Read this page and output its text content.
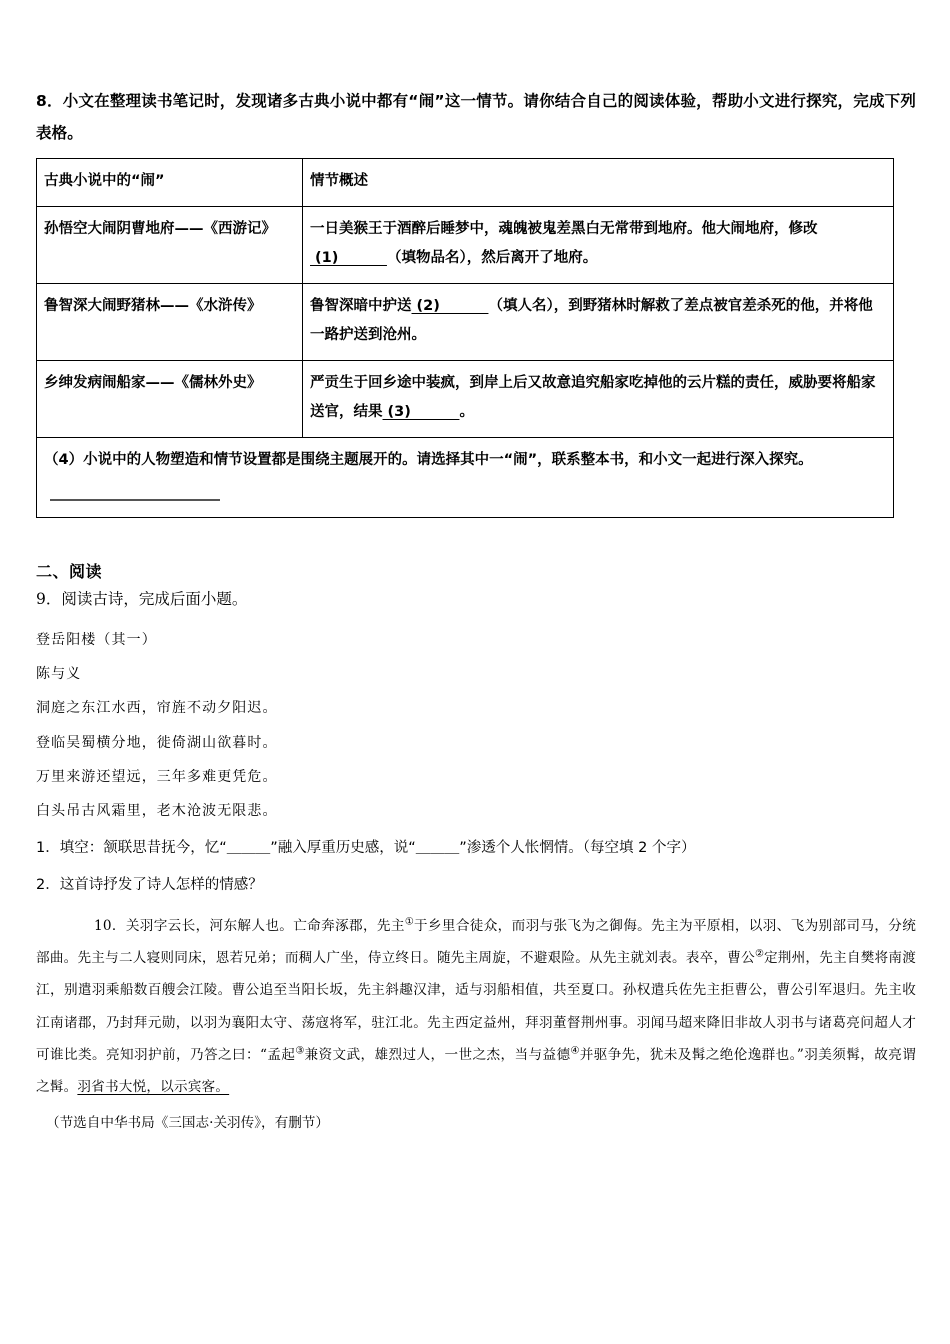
8．小文在整理读书笔记时，发现诸多古典小说中都有“闹”这一情节。请你结合自己的阅读体验，帮助小文进行探究，完成下列表格。

古典小说中的“闹”	情节概述
孙悟空大闹阴曹地府——《西游记》	一日美猴王于酒醉后睡梦中，魂魄被鬼差黑白无常带到地府。他大闹地府，修改 (1)　　　 （填物品名），然后离开了地府。
鲁智深大闹野猪林——《水浒传》	鲁智深暗中护送 (2)　　　 （填人名），到野猪林时解救了差点被官差杀死的他，并将他一路护送到沧州。
乡绅发病闹船家——《儒林外史》	严贡生于回乡途中装疯，到岸上后又故意追究船家吃掉他的云片糕的责任，威胁要将船家送官，结果 (3)　　　 。
（4）小说中的人物塑造和情节设置都是围绕主题展开的。请选择其中一“闹”，联系整本书，和小文一起进行深入探究。	
二、阅读
9．阅读古诗，完成后面小题。
登岳阳楼（其一）
陈与义
洞庭之东江水西，帘旌不动夕阳迟。
登临吴蜀横分地，徙倚湖山欲暮时。
万里来游还望远，三年多难更凭危。
白头吊古风霜里，老木沧波无限悲。
1．填空：颔联思昔抚今，忆“＿＿＿”融入厚重历史感，说“＿＿＿”渗透个人怅惘情。（每空填 2 个字）
2．这首诗抒发了诗人怎样的情感？
10．关羽字云长，河东解人也。亡命奔涿郡，先主①于乡里合徒众，而羽与张飞为之御侮。先主为平原相，以羽、飞为别部司马，分统部曲。先主与二人寝则同床，恩若兄弟；而稠人广坐，侍立终日。随先主周旋，不避艰险。从先主就刘表。表卒，曹公②定荆州，先主自樊将南渡江，别遣羽乘船数百艘会江陵。曹公追至当阳长坂，先主斜趣汉津，适与羽船相值，共至夏口。孙权遣兵佐先主拒曹公，曹公引军退归。先主收江南诸郡，乃封拜元勋，以羽为襄阳太守、荡寇将军，驻江北。先主西定益州，拜羽董督荆州事。羽闻马超来降旧非故人羽书与诸葛亮问超人才可谁比类。亮知羽护前，乃答之曰：“孟起③兼资文武，雄烈过人，一世之杰，当与益德④并驱争先，犹未及髯之绝伦逸群也。”羽美须髯，故亮谓之髯。羽省书大悦，以示宾客。
（节选自中华书局《三国志·关羽传》，有删节）
